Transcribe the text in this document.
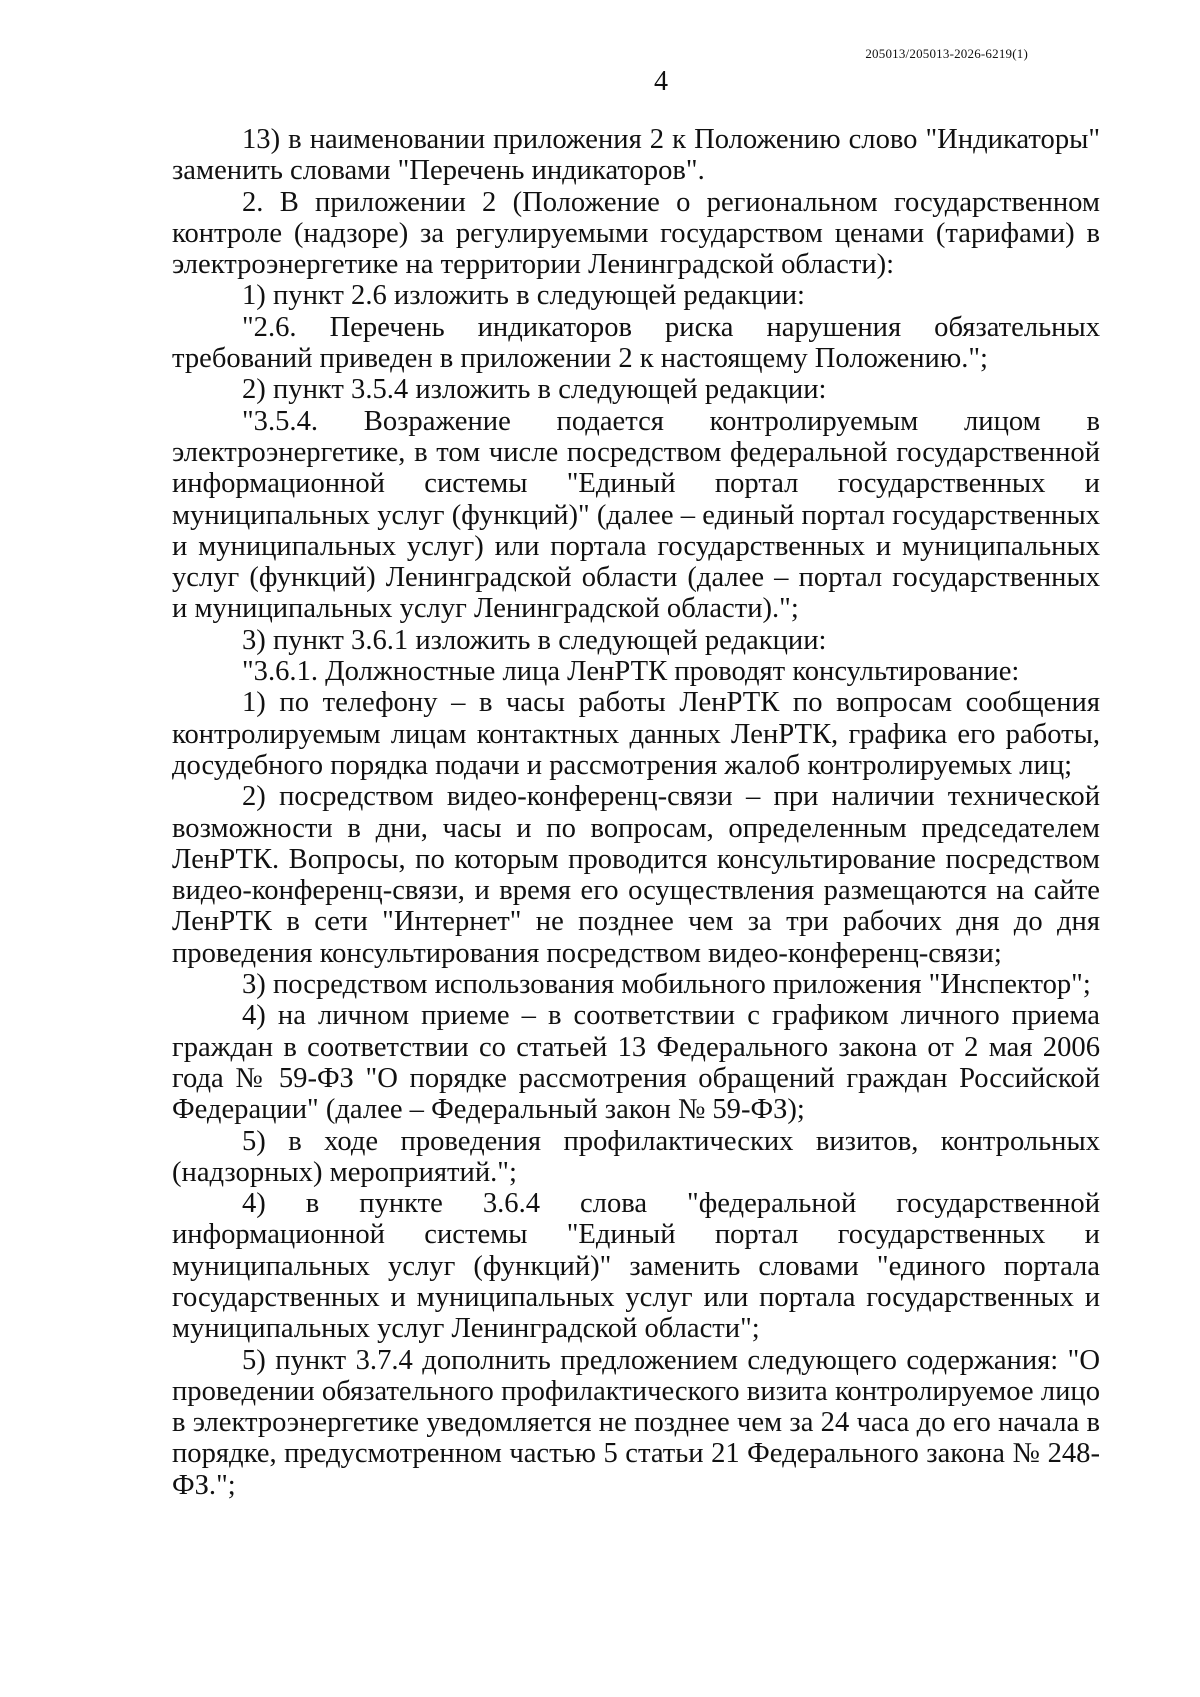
205013/205013-2026-6219(1)
4

13) в наименовании приложения 2 к Положению слово "Индикаторы" заменить словами "Перечень индикаторов".

2. В приложении 2 (Положение о региональном государственном контроле (надзоре) за регулируемыми государством ценами (тарифами) в электроэнергетике на территории Ленинградской области):

1) пункт 2.6 изложить в следующей редакции:

"2.6. Перечень индикаторов риска нарушения обязательных требований приведен в приложении 2 к настоящему Положению.";

2) пункт 3.5.4 изложить в следующей редакции:

"3.5.4. Возражение подается контролируемым лицом в электроэнергетике, в том числе посредством федеральной государственной информационной системы "Единый портал государственных и муниципальных услуг (функций)" (далее – единый портал государственных и муниципальных услуг) или портала государственных и муниципальных услуг (функций) Ленинградской области (далее – портал государственных и муниципальных услуг Ленинградской области).";

3) пункт 3.6.1 изложить в следующей редакции:

"3.6.1. Должностные лица ЛенРТК проводят консультирование:

1) по телефону – в часы работы ЛенРТК по вопросам сообщения контролируемым лицам контактных данных ЛенРТК, графика его работы, досудебного порядка подачи и рассмотрения жалоб контролируемых лиц;

2) посредством видео-конференц-связи – при наличии технической возможности в дни, часы и по вопросам, определенным председателем ЛенРТК. Вопросы, по которым проводится консультирование посредством видео-конференц-связи, и время его осуществления размещаются на сайте ЛенРТК в сети "Интернет" не позднее чем за три рабочих дня до дня проведения консультирования посредством видео-конференц-связи;

3) посредством использования мобильного приложения "Инспектор";

4) на личном приеме – в соответствии с графиком личного приема граждан в соответствии со статьей 13 Федерального закона от 2 мая 2006 года № 59-ФЗ "О порядке рассмотрения обращений граждан Российской Федерации" (далее – Федеральный закон № 59-ФЗ);

5) в ходе проведения профилактических визитов, контрольных (надзорных) мероприятий.";

4) в пункте 3.6.4 слова "федеральной государственной информационной системы "Единый портал государственных и муниципальных услуг (функций)" заменить словами "единого портала государственных и муниципальных услуг или портала государственных и муниципальных услуг Ленинградской области";

5) пункт 3.7.4 дополнить предложением следующего содержания: "О проведении обязательного профилактического визита контролируемое лицо в электроэнергетике уведомляется не позднее чем за 24 часа до его начала в порядке, предусмотренном частью 5 статьи 21 Федерального закона № 248-ФЗ.";
